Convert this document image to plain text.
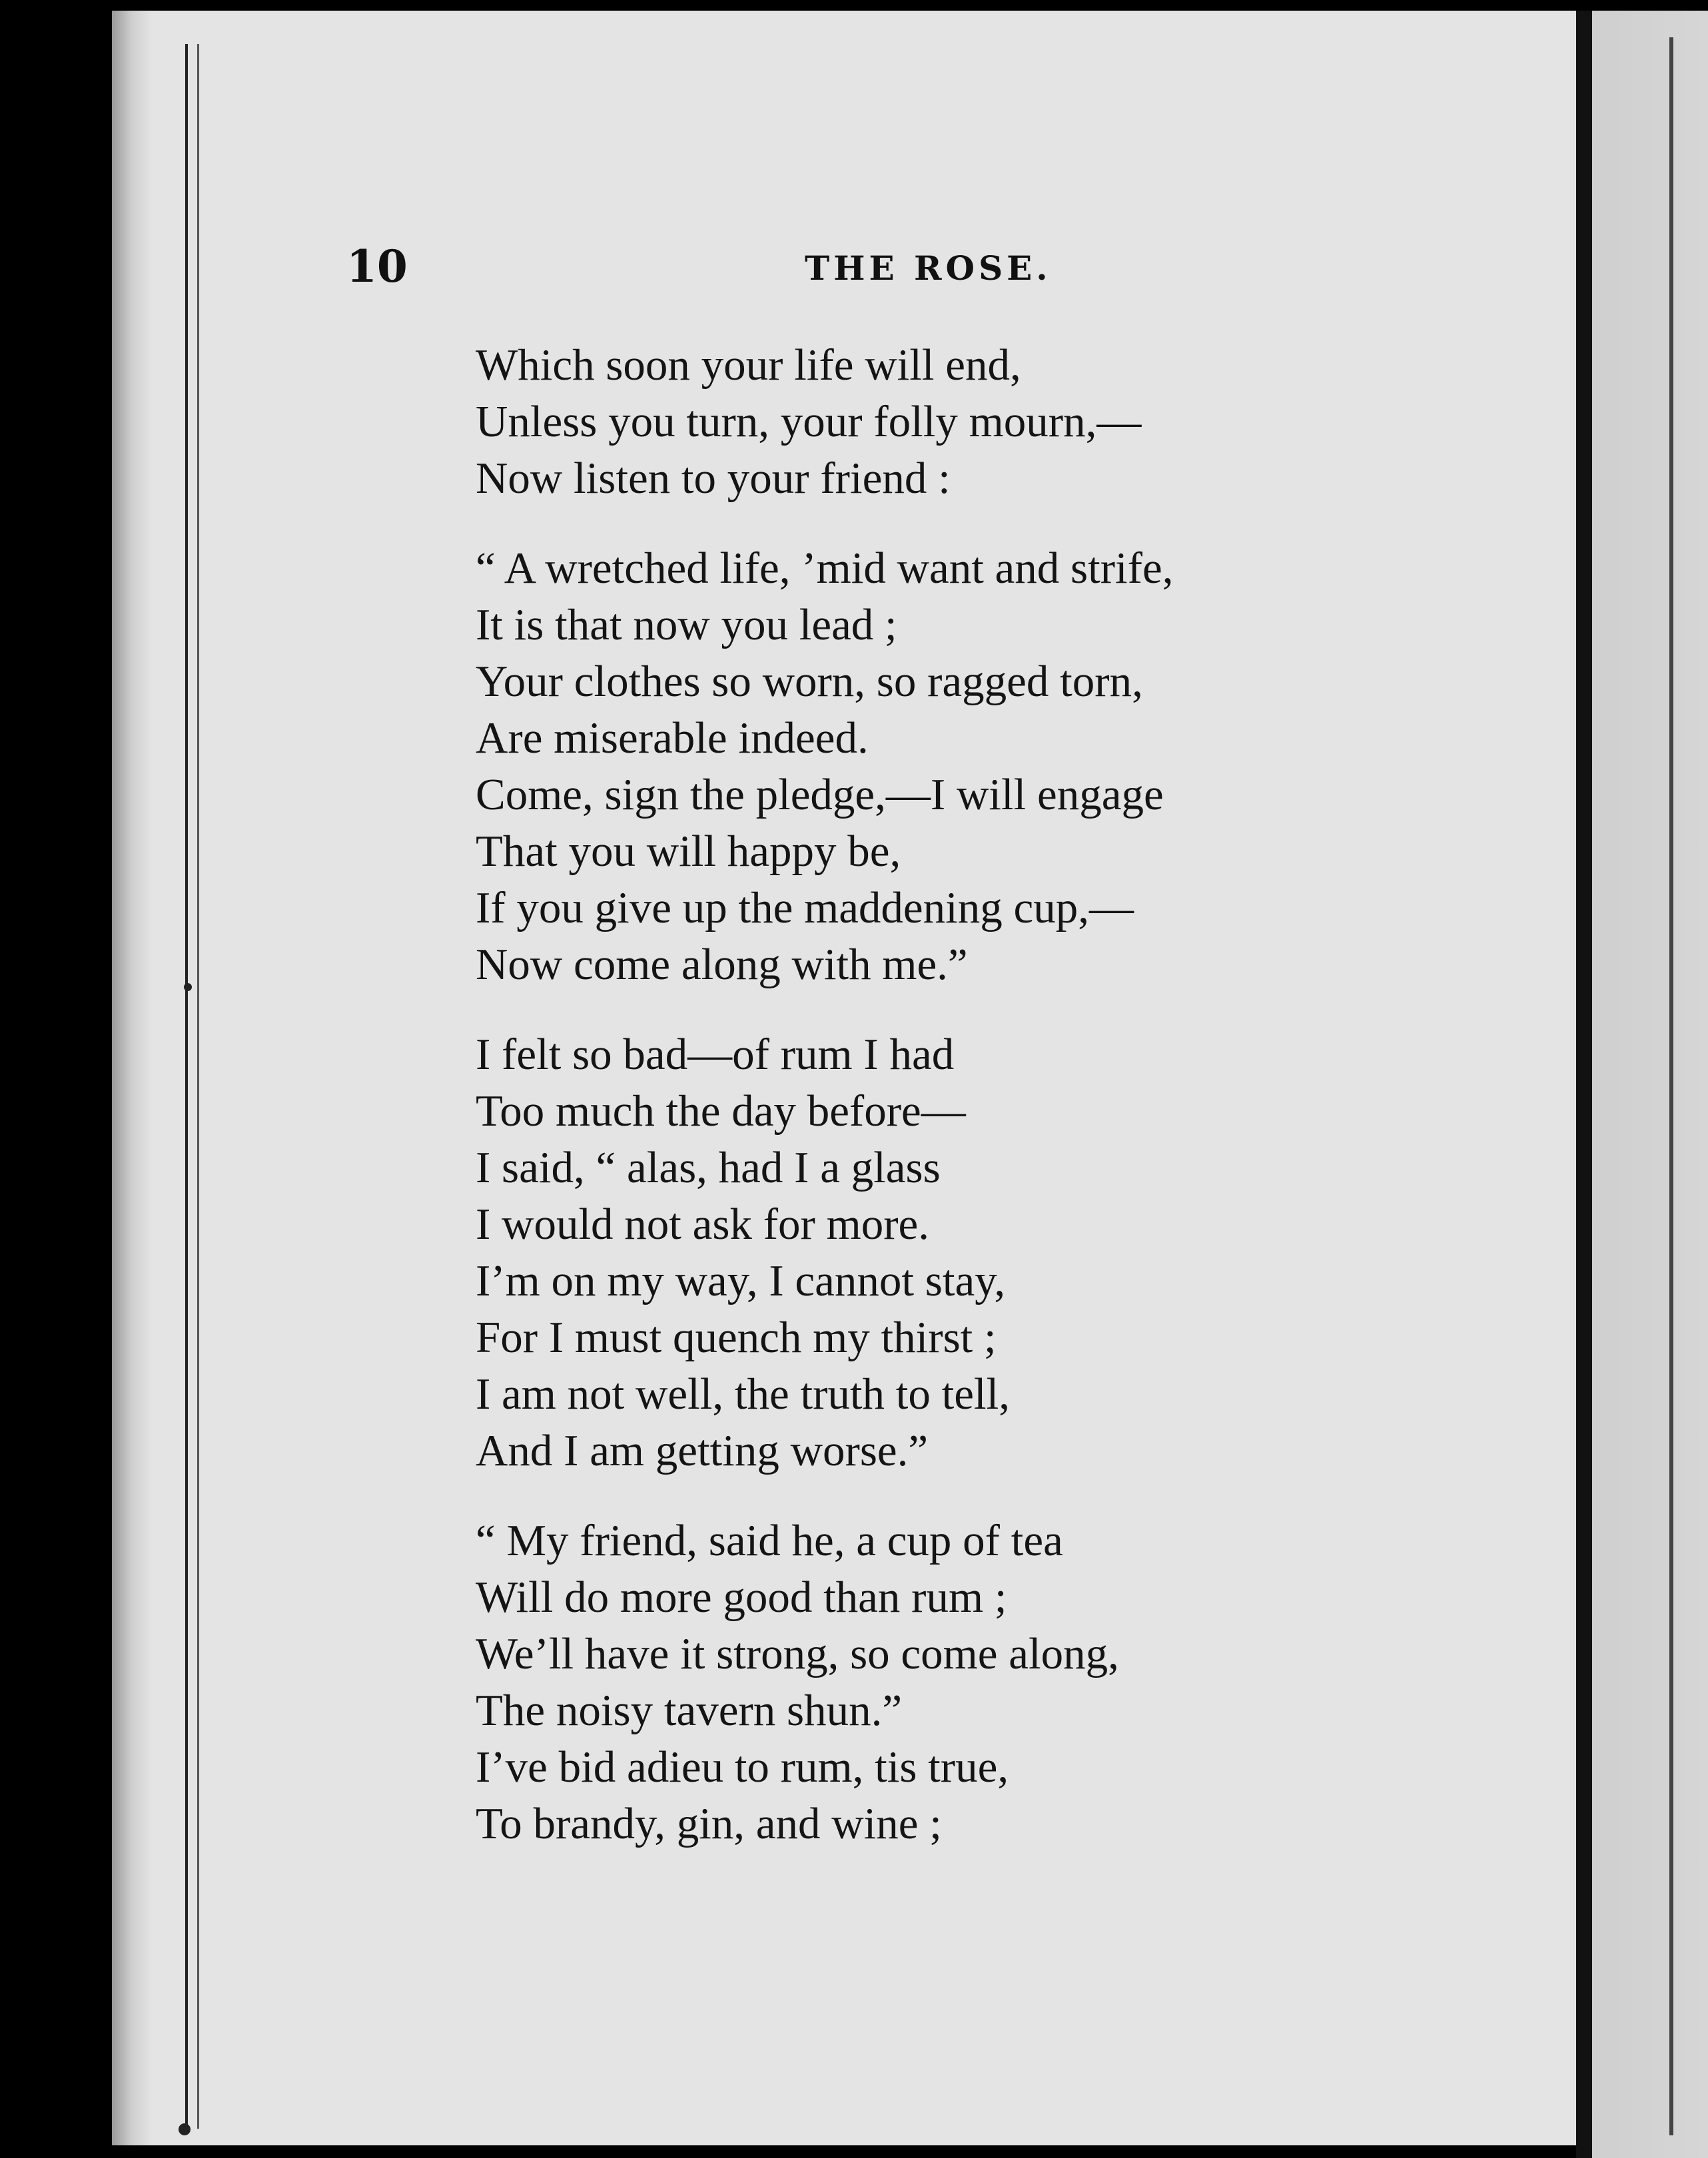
10	THE ROSE.
Which soon your life will end,
Unless you turn, your folly mourn,—
Now listen to your friend :
“ A wretched life, ’mid want and strife,
It is that now you lead ;
Your clothes so worn, so ragged torn,
Are miserable indeed.
Come, sign the pledge,—I will engage
That you will happy be,
If you give up the maddening cup,—
Now come along with me.”
I felt so bad—of rum I had
Too much the day before—
I said, “ alas, had I a glass
I would not ask for more.
I’m on my way, I cannot stay,
For I must quench my thirst ;
I am not well, the truth to tell,
And I am getting worse.”
“ My friend, said he, a cup of tea
Will do more good than rum ;
We’ll have it strong, so come along,
The noisy tavern shun.”
I’ve bid adieu to rum, tis true,
To brandy, gin, and wine ;
